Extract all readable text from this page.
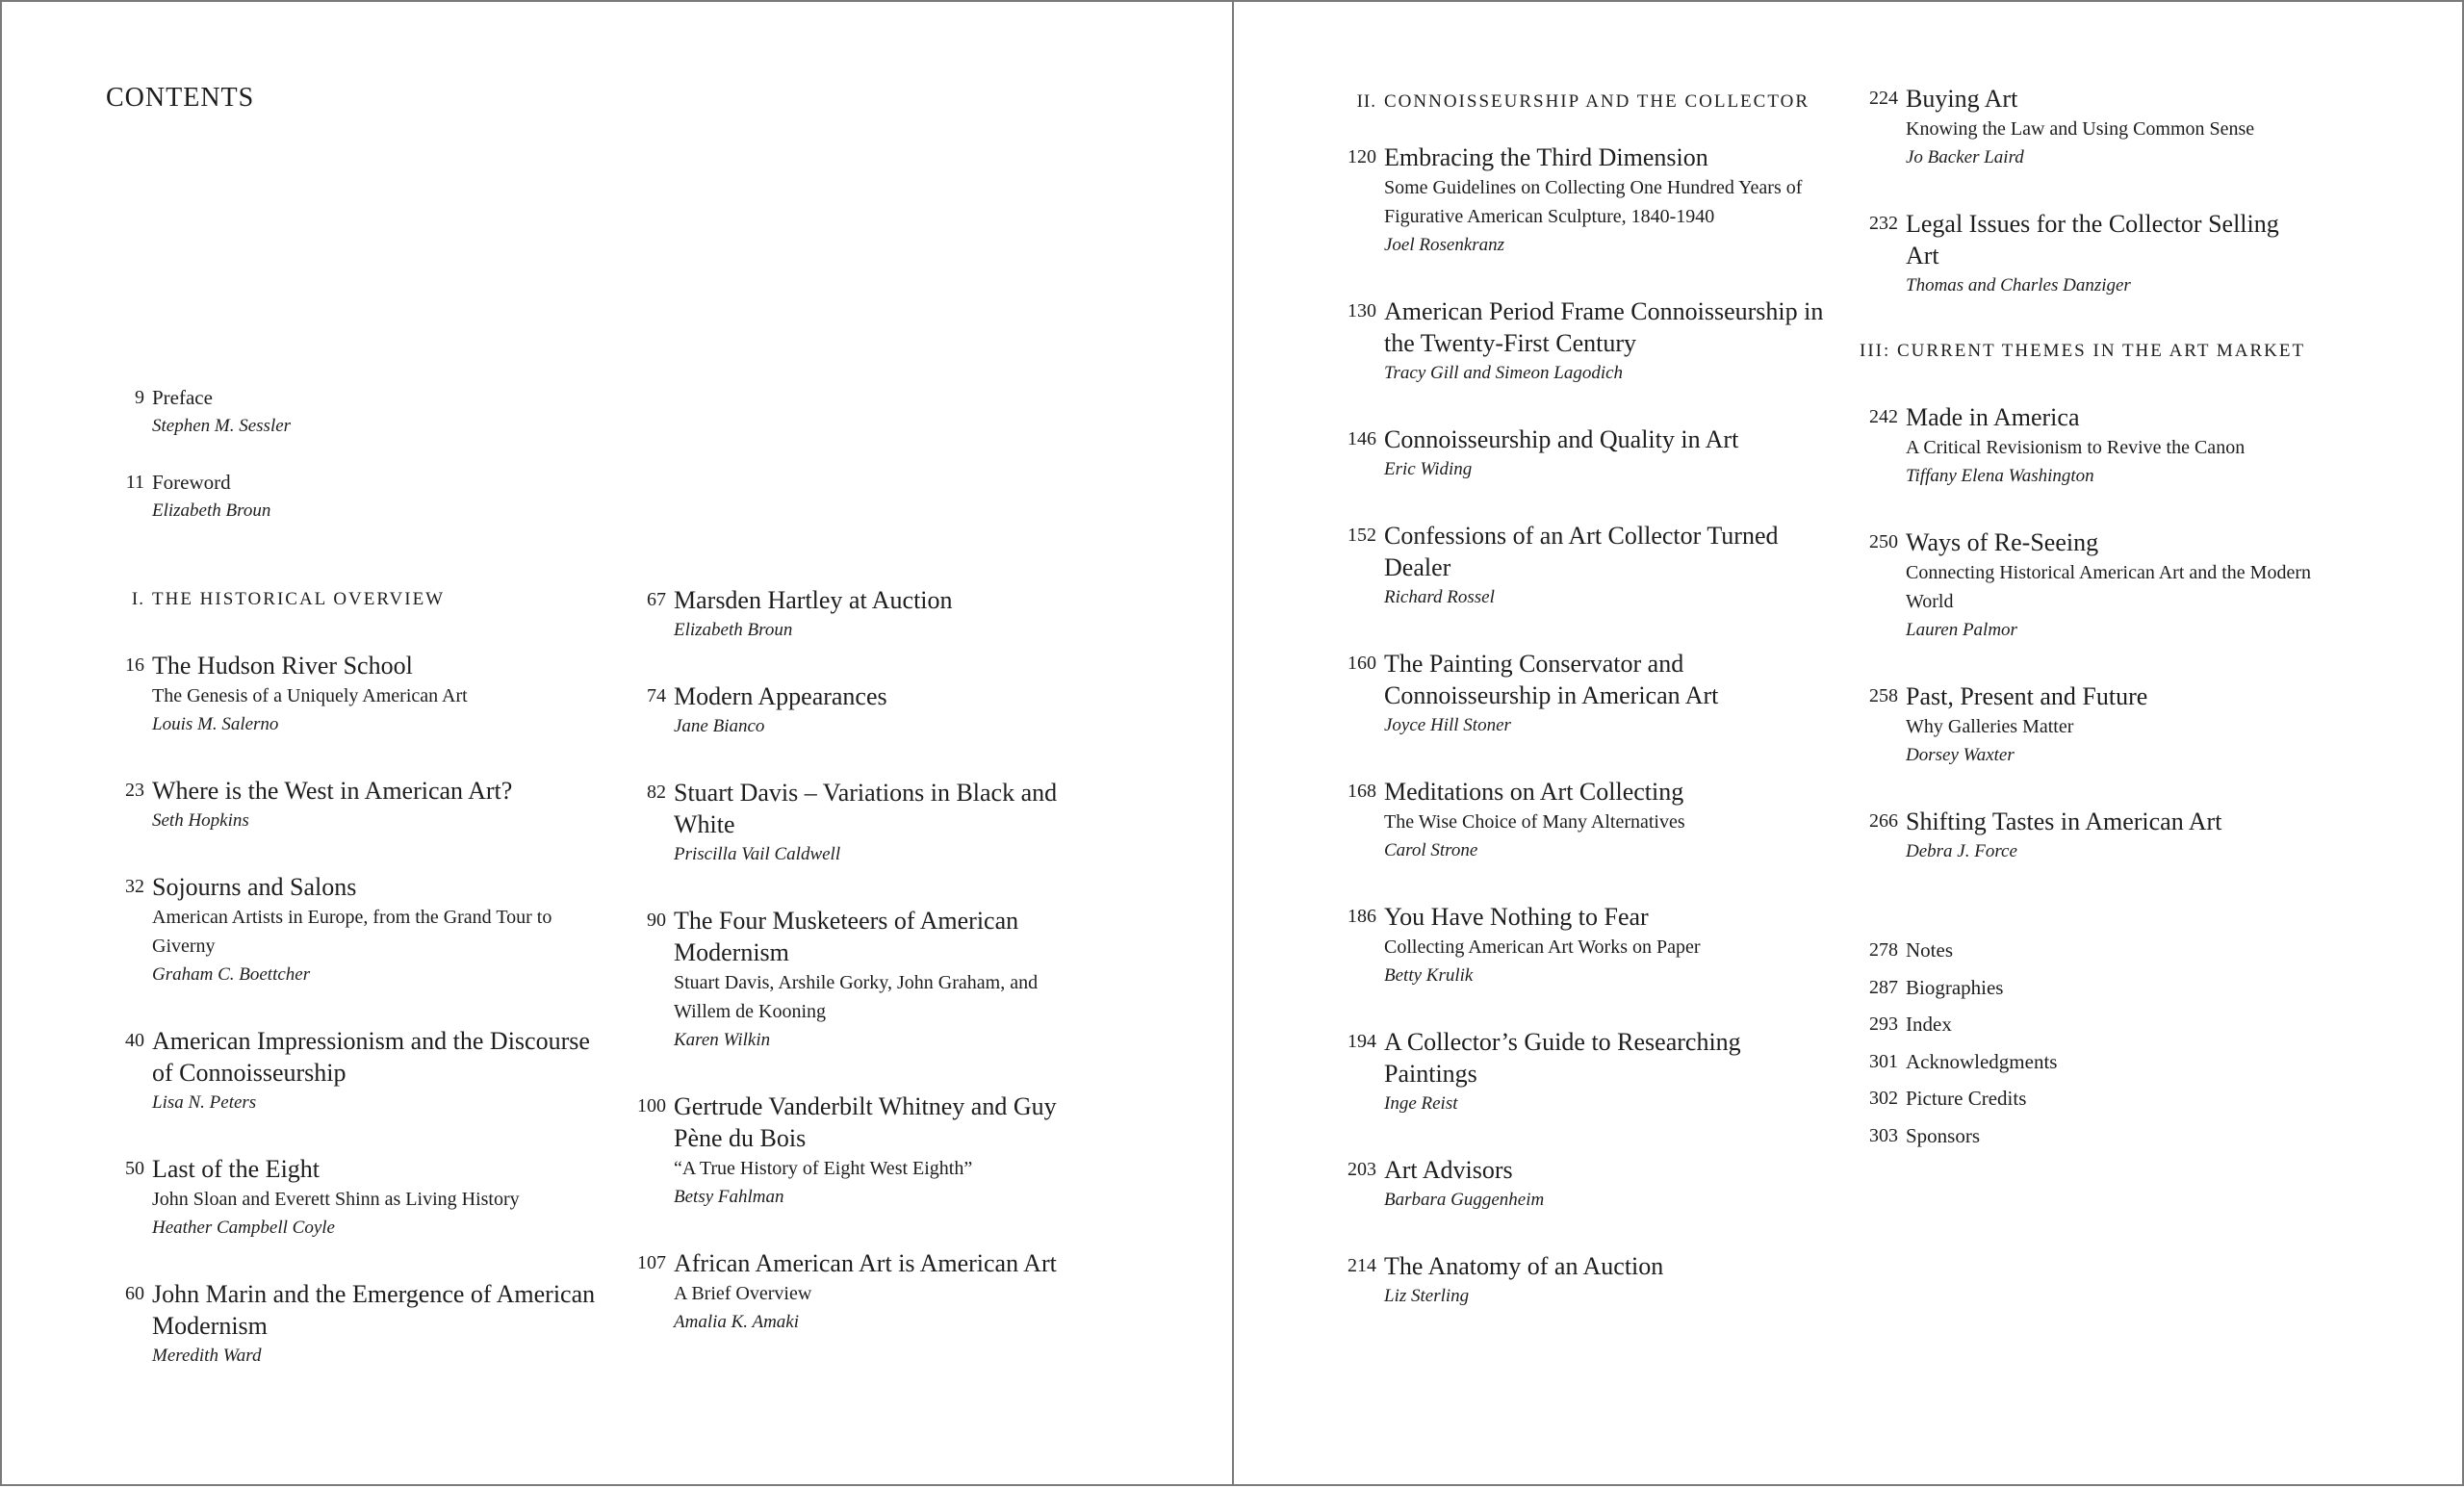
CONTENTS
9 Preface
Stephen M. Sessler
11 Foreword
Elizabeth Broun
I. THE HISTORICAL OVERVIEW
16 The Hudson River School
The Genesis of a Uniquely American Art
Louis M. Salerno
23 Where is the West in American Art?
Seth Hopkins
32 Sojourns and Salons
American Artists in Europe, from the Grand Tour to Giverny
Graham C. Boettcher
40 American Impressionism and the Discourse of Connoisseurship
Lisa N. Peters
50 Last of the Eight
John Sloan and Everett Shinn as Living History
Heather Campbell Coyle
60 John Marin and the Emergence of American Modernism
Meredith Ward
67 Marsden Hartley at Auction
Elizabeth Broun
74 Modern Appearances
Jane Bianco
82 Stuart Davis – Variations in Black and White
Priscilla Vail Caldwell
90 The Four Musketeers of American Modernism
Stuart Davis, Arshile Gorky, John Graham, and Willem de Kooning
Karen Wilkin
100 Gertrude Vanderbilt Whitney and Guy Pène du Bois
“A True History of Eight West Eighth”
Betsy Fahlman
107 African American Art is American Art
A Brief Overview
Amalia K. Amaki
II. CONNOISSEURSHIP AND THE COLLECTOR
120 Embracing the Third Dimension
Some Guidelines on Collecting One Hundred Years of Figurative American Sculpture, 1840-1940
Joel Rosenkranz
130 American Period Frame Connoisseurship in the Twenty-First Century
Tracy Gill and Simeon Lagodich
146 Connoisseurship and Quality in Art
Eric Widing
152 Confessions of an Art Collector Turned Dealer
Richard Rossel
160 The Painting Conservator and Connoisseurship in American Art
Joyce Hill Stoner
168 Meditations on Art Collecting
The Wise Choice of Many Alternatives
Carol Strone
186 You Have Nothing to Fear
Collecting American Art Works on Paper
Betty Krulik
194 A Collector’s Guide to Researching Paintings
Inge Reist
203 Art Advisors
Barbara Guggenheim
214 The Anatomy of an Auction
Liz Sterling
224 Buying Art
Knowing the Law and Using Common Sense
Jo Backer Laird
232 Legal Issues for the Collector Selling Art
Thomas and Charles Danziger
III: CURRENT THEMES IN THE ART MARKET
242 Made in America
A Critical Revisionism to Revive the Canon
Tiffany Elena Washington
250 Ways of Re-Seeing
Connecting Historical American Art and the Modern World
Lauren Palmor
258 Past, Present and Future
Why Galleries Matter
Dorsey Waxter
266 Shifting Tastes in American Art
Debra J. Force
278 Notes
287 Biographies
293 Index
301 Acknowledgments
302 Picture Credits
303 Sponsors
